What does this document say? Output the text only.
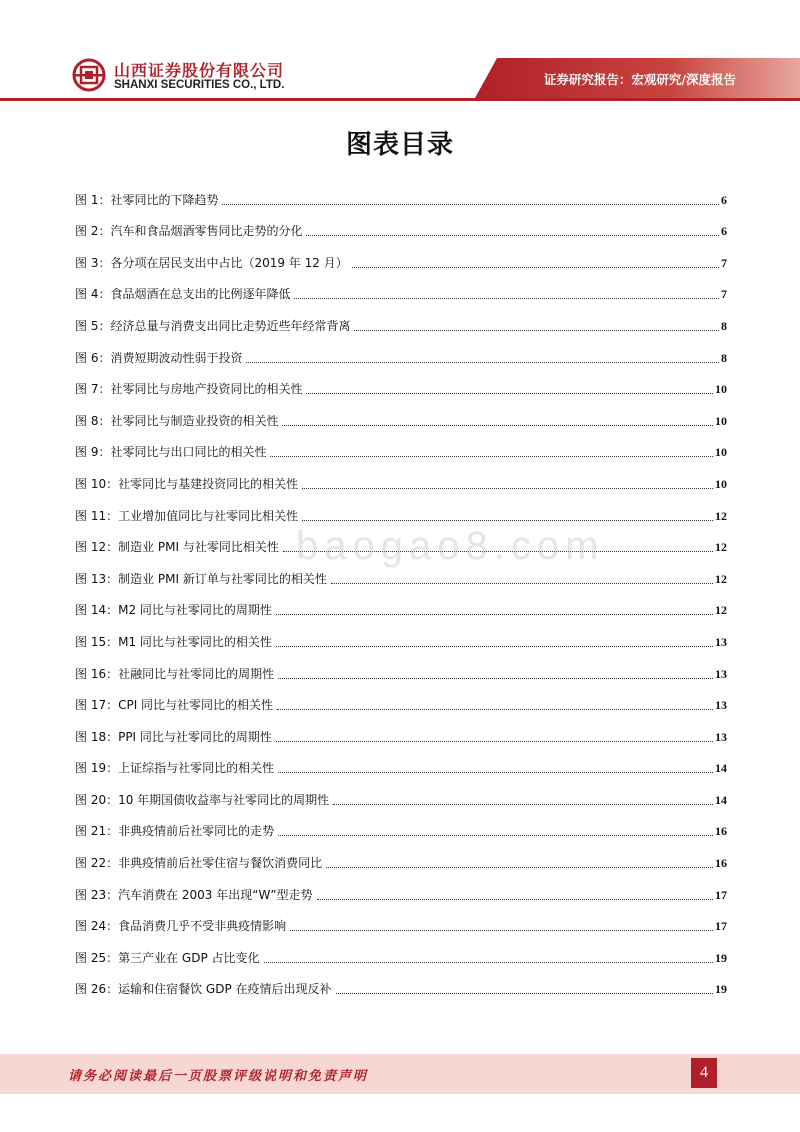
山西证券股份有限公司
SHANXI SECURITIES CO., LTD.	证券研究报告：宏观研究/深度报告
图表目录
图 1：社零同比的下降趋势	6
图 2：汽车和食品烟酒零售同比走势的分化	6
图 3：各分项在居民支出中占比（2019 年 12 月）	7
图 4：食品烟酒在总支出的比例逐年降低	7
图 5：经济总量与消费支出同比走势近些年经常背离	8
图 6：消费短期波动性弱于投资	8
图 7：社零同比与房地产投资同比的相关性	10
图 8：社零同比与制造业投资的相关性	10
图 9：社零同比与出口同比的相关性	10
图 10：社零同比与基建投资同比的相关性	10
图 11：工业增加值同比与社零同比相关性	12
图 12：制造业 PMI 与社零同比相关性	12
图 13：制造业 PMI 新订单与社零同比的相关性	12
图 14：M2 同比与社零同比的周期性	12
图 15：M1 同比与社零同比的相关性	13
图 16：社融同比与社零同比的周期性	13
图 17：CPI 同比与社零同比的相关性	13
图 18：PPI 同比与社零同比的周期性	13
图 19：上证综指与社零同比的相关性	14
图 20：10 年期国债收益率与社零同比的周期性	14
图 21：非典疫情前后社零同比的走势	16
图 22：非典疫情前后社零住宿与餐饮消费同比	16
图 23：汽车消费在 2003 年出现“W”型走势	17
图 24：食品消费几乎不受非典疫情影响	17
图 25：第三产业在 GDP 占比变化	19
图 26：运输和住宿餐饮 GDP 在疫情后出现反补	19
baogao8.com
请务必阅读最后一页股票评级说明和免责声明	4
